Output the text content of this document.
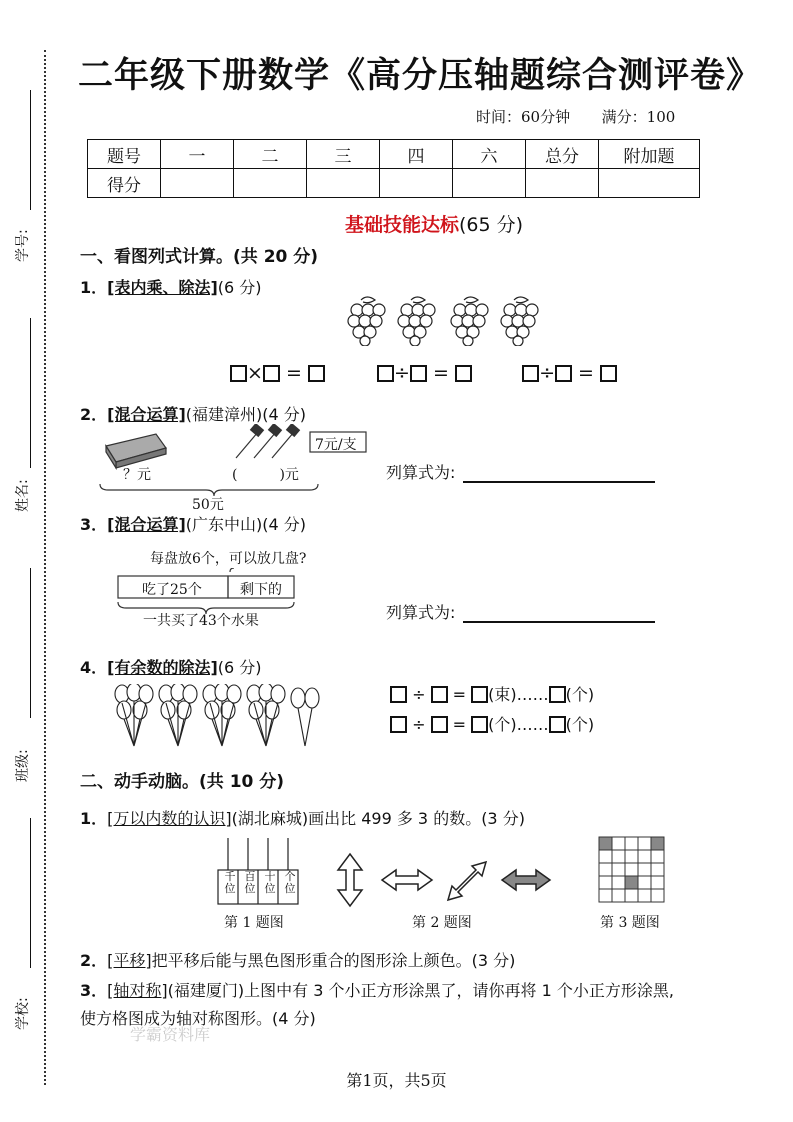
学号:
姓名:
班级:
学校:
二年级下册数学《高分压轴题综合测评卷》
时间：60分钟 满分：100
题号	一	二	三	四	六	总分	附加题
得分							
基础技能达标(65 分)
一、看图列式计算。(共 20 分)
1．[表内乘、除法](6 分)
× =	÷ =	÷ =
2．[混合运算](福建漳州)(4 分)
7元/支
？元	(　　　)元
50元
列算式为:
3．[混合运算](广东中山)(4 分)
每盘放6个，可以放几盘?
吃了25个	剩下的
一共买了43个水果	列算式为:
4．[有余数的除法](6 分)
÷  = (束)…… (个)
÷  = (个)…… (个)
二、动手动脑。(共 10 分)
1．[万以内数的认识](湖北麻城)画出比 499 多 3 的数。(3 分)
千位
百位
十位
个位
第 1 题图	第 2 题图	第 3 题图
2．[平移]把平移后能与黑色图形重合的图形涂上颜色。(3 分)
3．[轴对称](福建厦门)上图中有 3 个小正方形涂黑了，请你再将 1 个小正方形涂黑,
使方格图成为轴对称图形。(4 分)
学霸资料库
第1页，共5页
